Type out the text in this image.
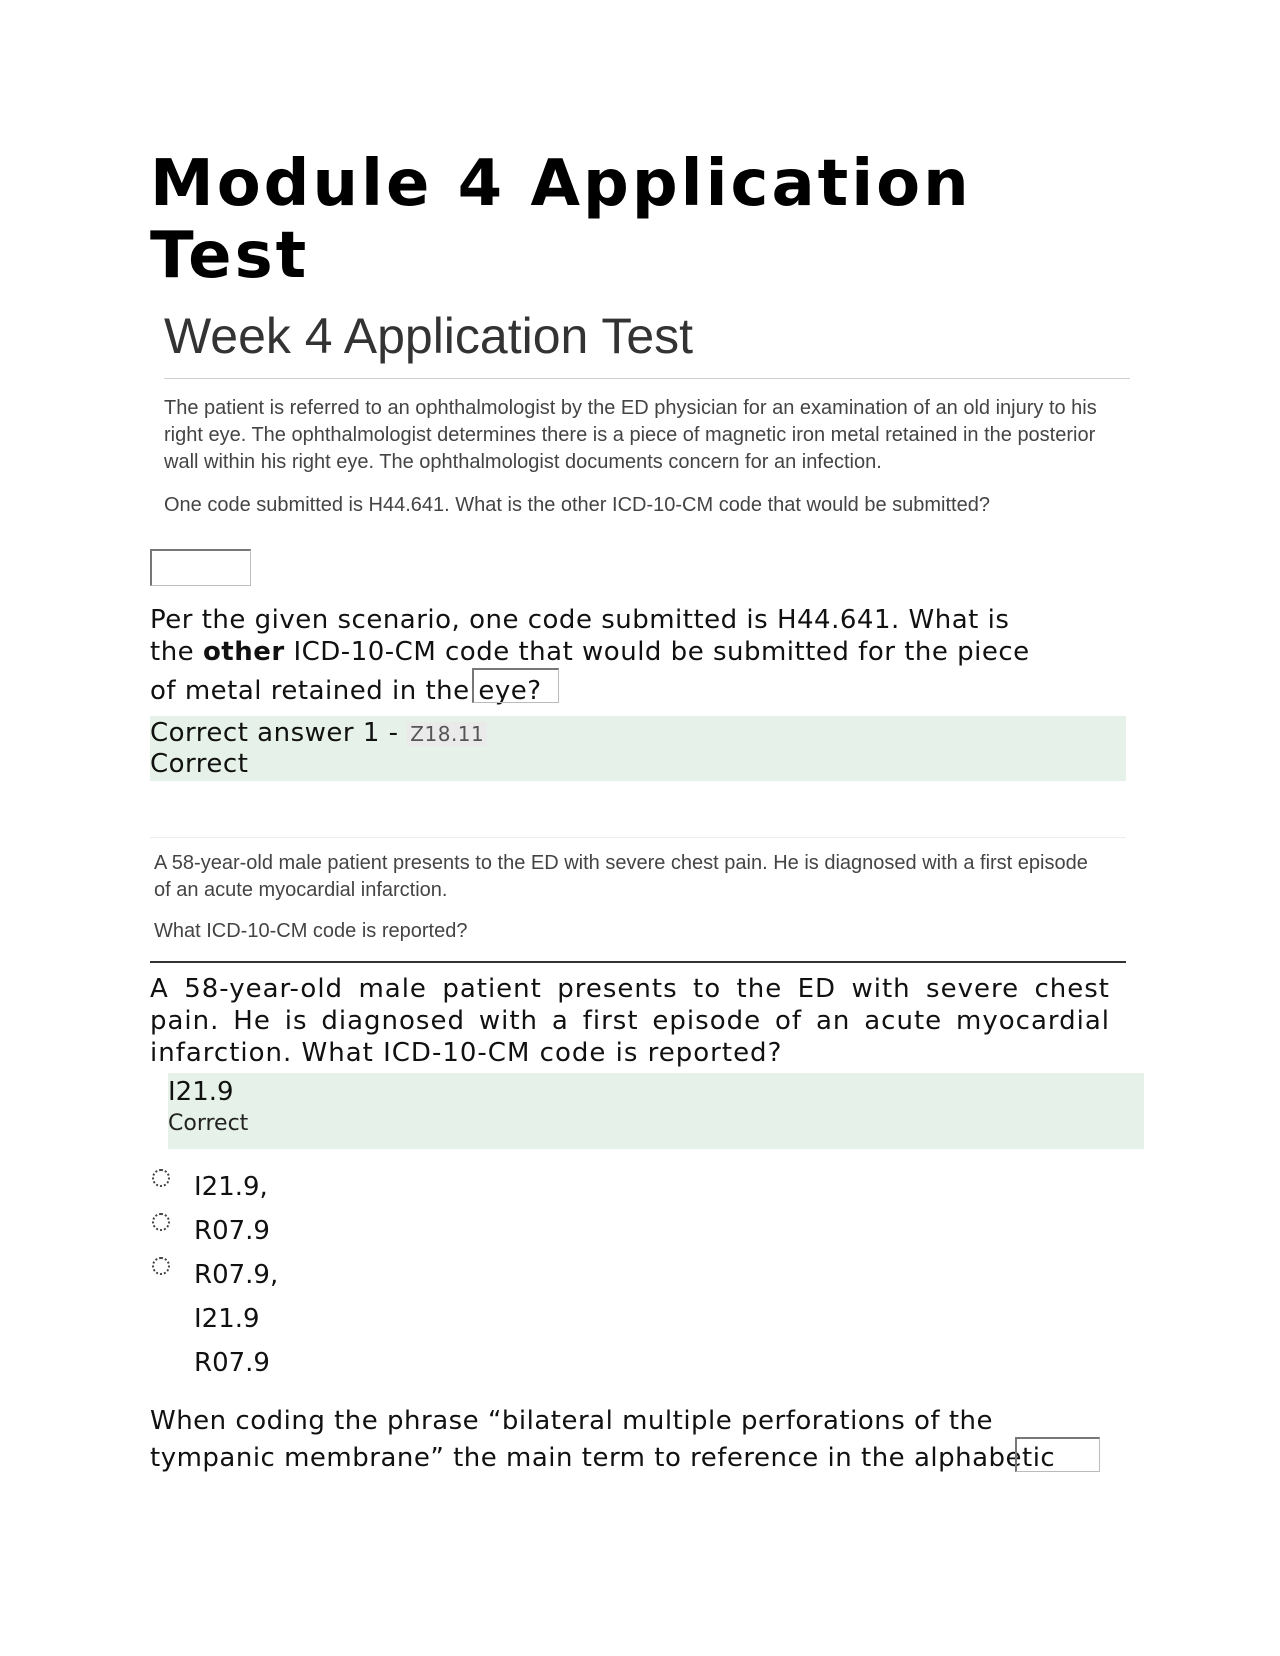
Module 4 Application Test
Week 4 Application Test
The patient is referred to an ophthalmologist by the ED physician for an examination of an old injury to his right eye. The ophthalmologist determines there is a piece of magnetic iron metal retained in the posterior wall within his right eye. The ophthalmologist documents concern for an infection.
One code submitted is H44.641. What is the other ICD-10-CM code that would be submitted?
Per the given scenario, one code submitted is H44.641. What is
the other ICD-10-CM code that would be submitted for the piece
of metal retained in the eye?
Correct answer 1 - Z18.11
Correct
A 58-year-old male patient presents to the ED with severe chest pain. He is diagnosed with a first episode of an acute myocardial infarction.
What ICD-10-CM code is reported?
A 58-year-old male patient presents to the ED with severe chest pain. He is diagnosed with a first episode of an acute myocardial infarction. What ICD-10-CM code is reported?
I21.9
Correct
I21.9,
R07.9
R07.9,
I21.9
R07.9
When coding the phrase “bilateral multiple perforations of the tympanic membrane” the main term to reference in the alphabetic
